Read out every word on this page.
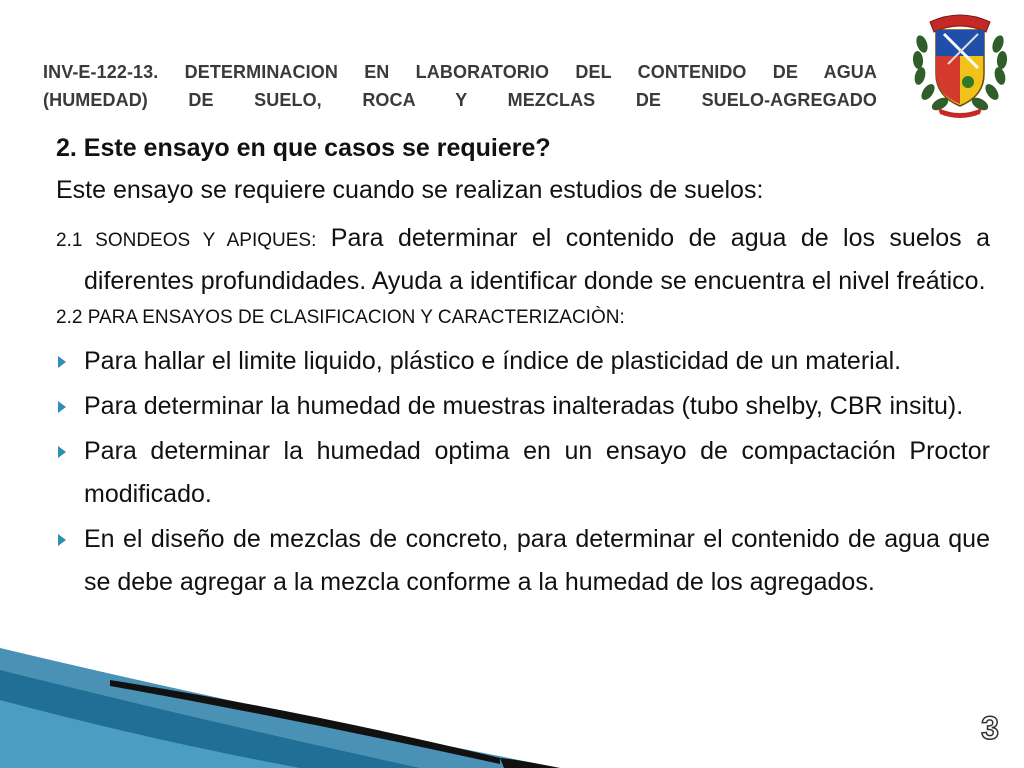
INV-E-122-13. DETERMINACION EN LABORATORIO DEL CONTENIDO DE AGUA
(HUMEDAD) DE SUELO, ROCA Y MEZCLAS DE SUELO-AGREGADO

2. Este ensayo en que casos se requiere?

Este ensayo se requiere cuando se realizan estudios de suelos:

2.1 SONDEOS Y APIQUES: Para determinar el contenido de agua de los suelos a diferentes profundidades. Ayuda a identificar donde se encuentra el nivel freático.

2.2 PARA ENSAYOS DE CLASIFICACION Y CARACTERIZACIÒN:

Para hallar el limite liquido, plástico e índice de plasticidad de un material.
Para determinar la humedad de muestras inalteradas (tubo shelby, CBR insitu).
Para determinar la humedad optima en un ensayo de compactación Proctor modificado.
En el diseño de mezclas de concreto, para determinar el contenido de agua que se debe agregar a la mezcla conforme a la humedad de los agregados.
3
